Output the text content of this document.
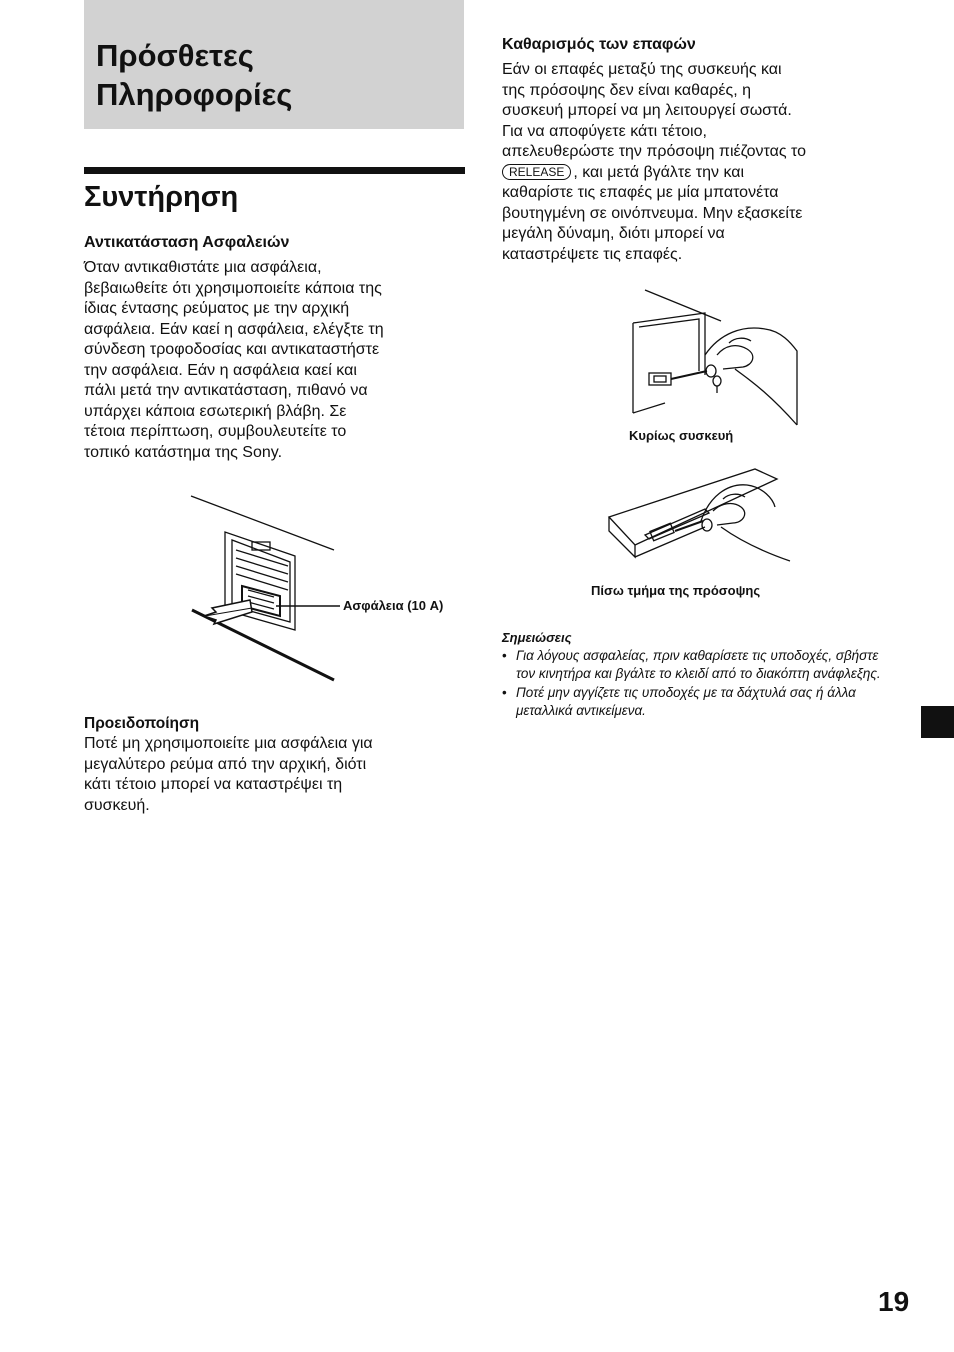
Πρόσθετες
Πληροφορίες
Συντήρηση
Αντικατάσταση Ασφαλειών

Όταν αντικαθιστάτε μια ασφάλεια,
βεβαιωθείτε ότι χρησιμοποιείτε κάποια της
ίδιας έντασης ρεύματος με την αρχική
ασφάλεια. Εάν καεί η ασφάλεια, ελέγξτε τη
σύνδεση τροφοδοσίας και αντικαταστήστε
την ασφάλεια. Εάν η ασφάλεια καεί και
πάλι μετά την αντικατάσταση, πιθανό να
υπάρχει κάποια εσωτερική βλάβη. Σε
τέτοια περίπτωση, συμβουλευτείτε το
τοπικό κατάστημα της Sony.

Ασφάλεια (10 A)

Προειδοποίηση

Ποτέ μη χρησιμοποιείτε μια ασφάλεια για
μεγαλύτερο ρεύμα από την αρχική, διότι
κάτι τέτοιο μπορεί να καταστρέψει τη
συσκευή.

Καθαρισμός των επαφών

Εάν οι επαφές μεταξύ της συσκευής και
της πρόσοψης δεν είναι καθαρές, η
συσκευή μπορεί να μη λειτουργεί σωστά.
Για να αποφύγετε κάτι τέτοιο,
απελευθερώστε την πρόσοψη πιέζοντας το
RELEASE , και μετά βγάλτε την και
καθαρίστε τις επαφές με μία μπατονέτα
βουτηγμένη σε οινόπνευμα. Μην εξασκείτε
μεγάλη δύναμη, διότι μπορεί να
καταστρέψετε τις επαφές.

Κυρίως συσκευή

Πίσω τμήμα της πρόσοψης

Σημειώσεις
• Για λόγους ασφαλείας, πριν καθαρίσετε τις υποδοχές, σβήστε τον κινητήρα και βγάλτε το κλειδί από το διακόπτη ανάφλεξης.
• Ποτέ μην αγγίζετε τις υποδοχές με τα δάχτυλά σας ή άλλα μεταλλικά αντικείμενα.

19
